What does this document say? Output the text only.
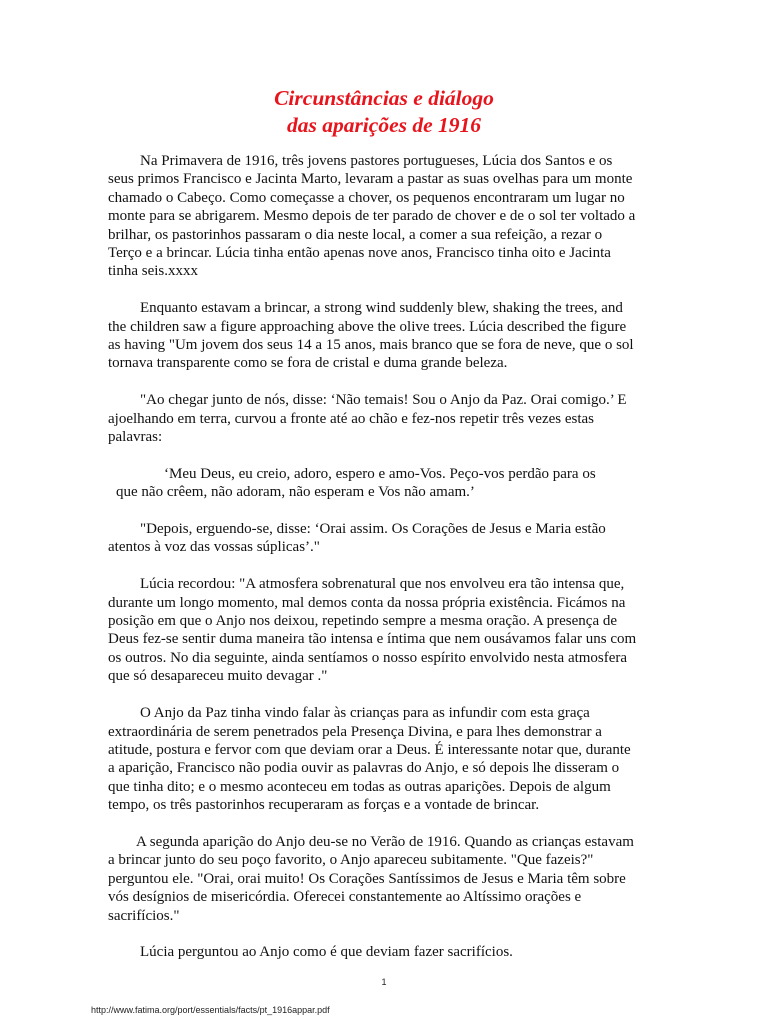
Circunstâncias e diálogo
das aparições de 1916

Na Primavera de 1916, três jovens pastores portugueses, Lúcia dos Santos e os
seus primos Francisco e Jacinta Marto, levaram a pastar as suas ovelhas para um monte
chamado o Cabeço. Como começasse a chover, os pequenos encontraram um lugar no
monte para se abrigarem. Mesmo depois de ter parado de chover e de o sol ter voltado a
brilhar, os pastorinhos passaram o dia neste local, a comer a sua refeição, a rezar o
Terço e a brincar. Lúcia tinha então apenas nove anos, Francisco tinha oito e Jacinta
tinha seis.xxxx

Enquanto estavam a brincar, a strong wind suddenly blew, shaking the trees, and
the children saw a figure approaching above the olive trees. Lúcia described the figure
as having "Um jovem dos seus 14 a 15 anos, mais branco que se fora de neve, que o sol
tornava transparente como se fora de cristal e duma grande beleza.

"Ao chegar junto de nós, disse: ‘Não temais! Sou o Anjo da Paz. Orai comigo.’ E
ajoelhando em terra, curvou a fronte até ao chão e fez-nos repetir três vezes estas
palavras:

‘Meu Deus, eu creio, adoro, espero e amo-Vos. Peço-vos perdão para os
que não crêem, não adoram, não esperam e Vos não amam.’

"Depois, erguendo-se, disse: ‘Orai assim. Os Corações de Jesus e Maria estão
atentos à voz das vossas súplicas’."

Lúcia recordou: "A atmosfera sobrenatural que nos envolveu era tão intensa que,
durante um longo momento, mal demos conta da nossa própria existência. Ficámos na
posição em que o Anjo nos deixou, repetindo sempre a mesma oração. A presença de
Deus fez-se sentir duma maneira tão intensa e íntima que nem ousávamos falar uns com
os outros. No dia seguinte, ainda sentíamos o nosso espírito envolvido nesta atmosfera
que só desapareceu muito devagar ."

O Anjo da Paz tinha vindo falar às crianças para as infundir com esta graça
extraordinária de serem penetrados pela Presença Divina, e para lhes demonstrar a
atitude, postura e fervor com que deviam orar a Deus. É interessante notar que, durante
a aparição, Francisco não podia ouvir as palavras do Anjo, e só depois lhe disseram o
que tinha dito; e o mesmo aconteceu em todas as outras aparições. Depois de algum
tempo, os três pastorinhos recuperaram as forças e a vontade de brincar.

A segunda aparição do Anjo deu-se no Verão de 1916. Quando as crianças estavam
a brincar junto do seu poço favorito, o Anjo apareceu subitamente. "Que fazeis?"
perguntou ele. "Orai, orai muito! Os Corações Santíssimos de Jesus e Maria têm sobre
vós desígnios de misericórdia. Oferecei constantemente ao Altíssimo orações e
sacrifícios."

Lúcia perguntou ao Anjo como é que deviam fazer sacrifícios.

1
http://www.fatima.org/port/essentials/facts/pt_1916appar.pdf
